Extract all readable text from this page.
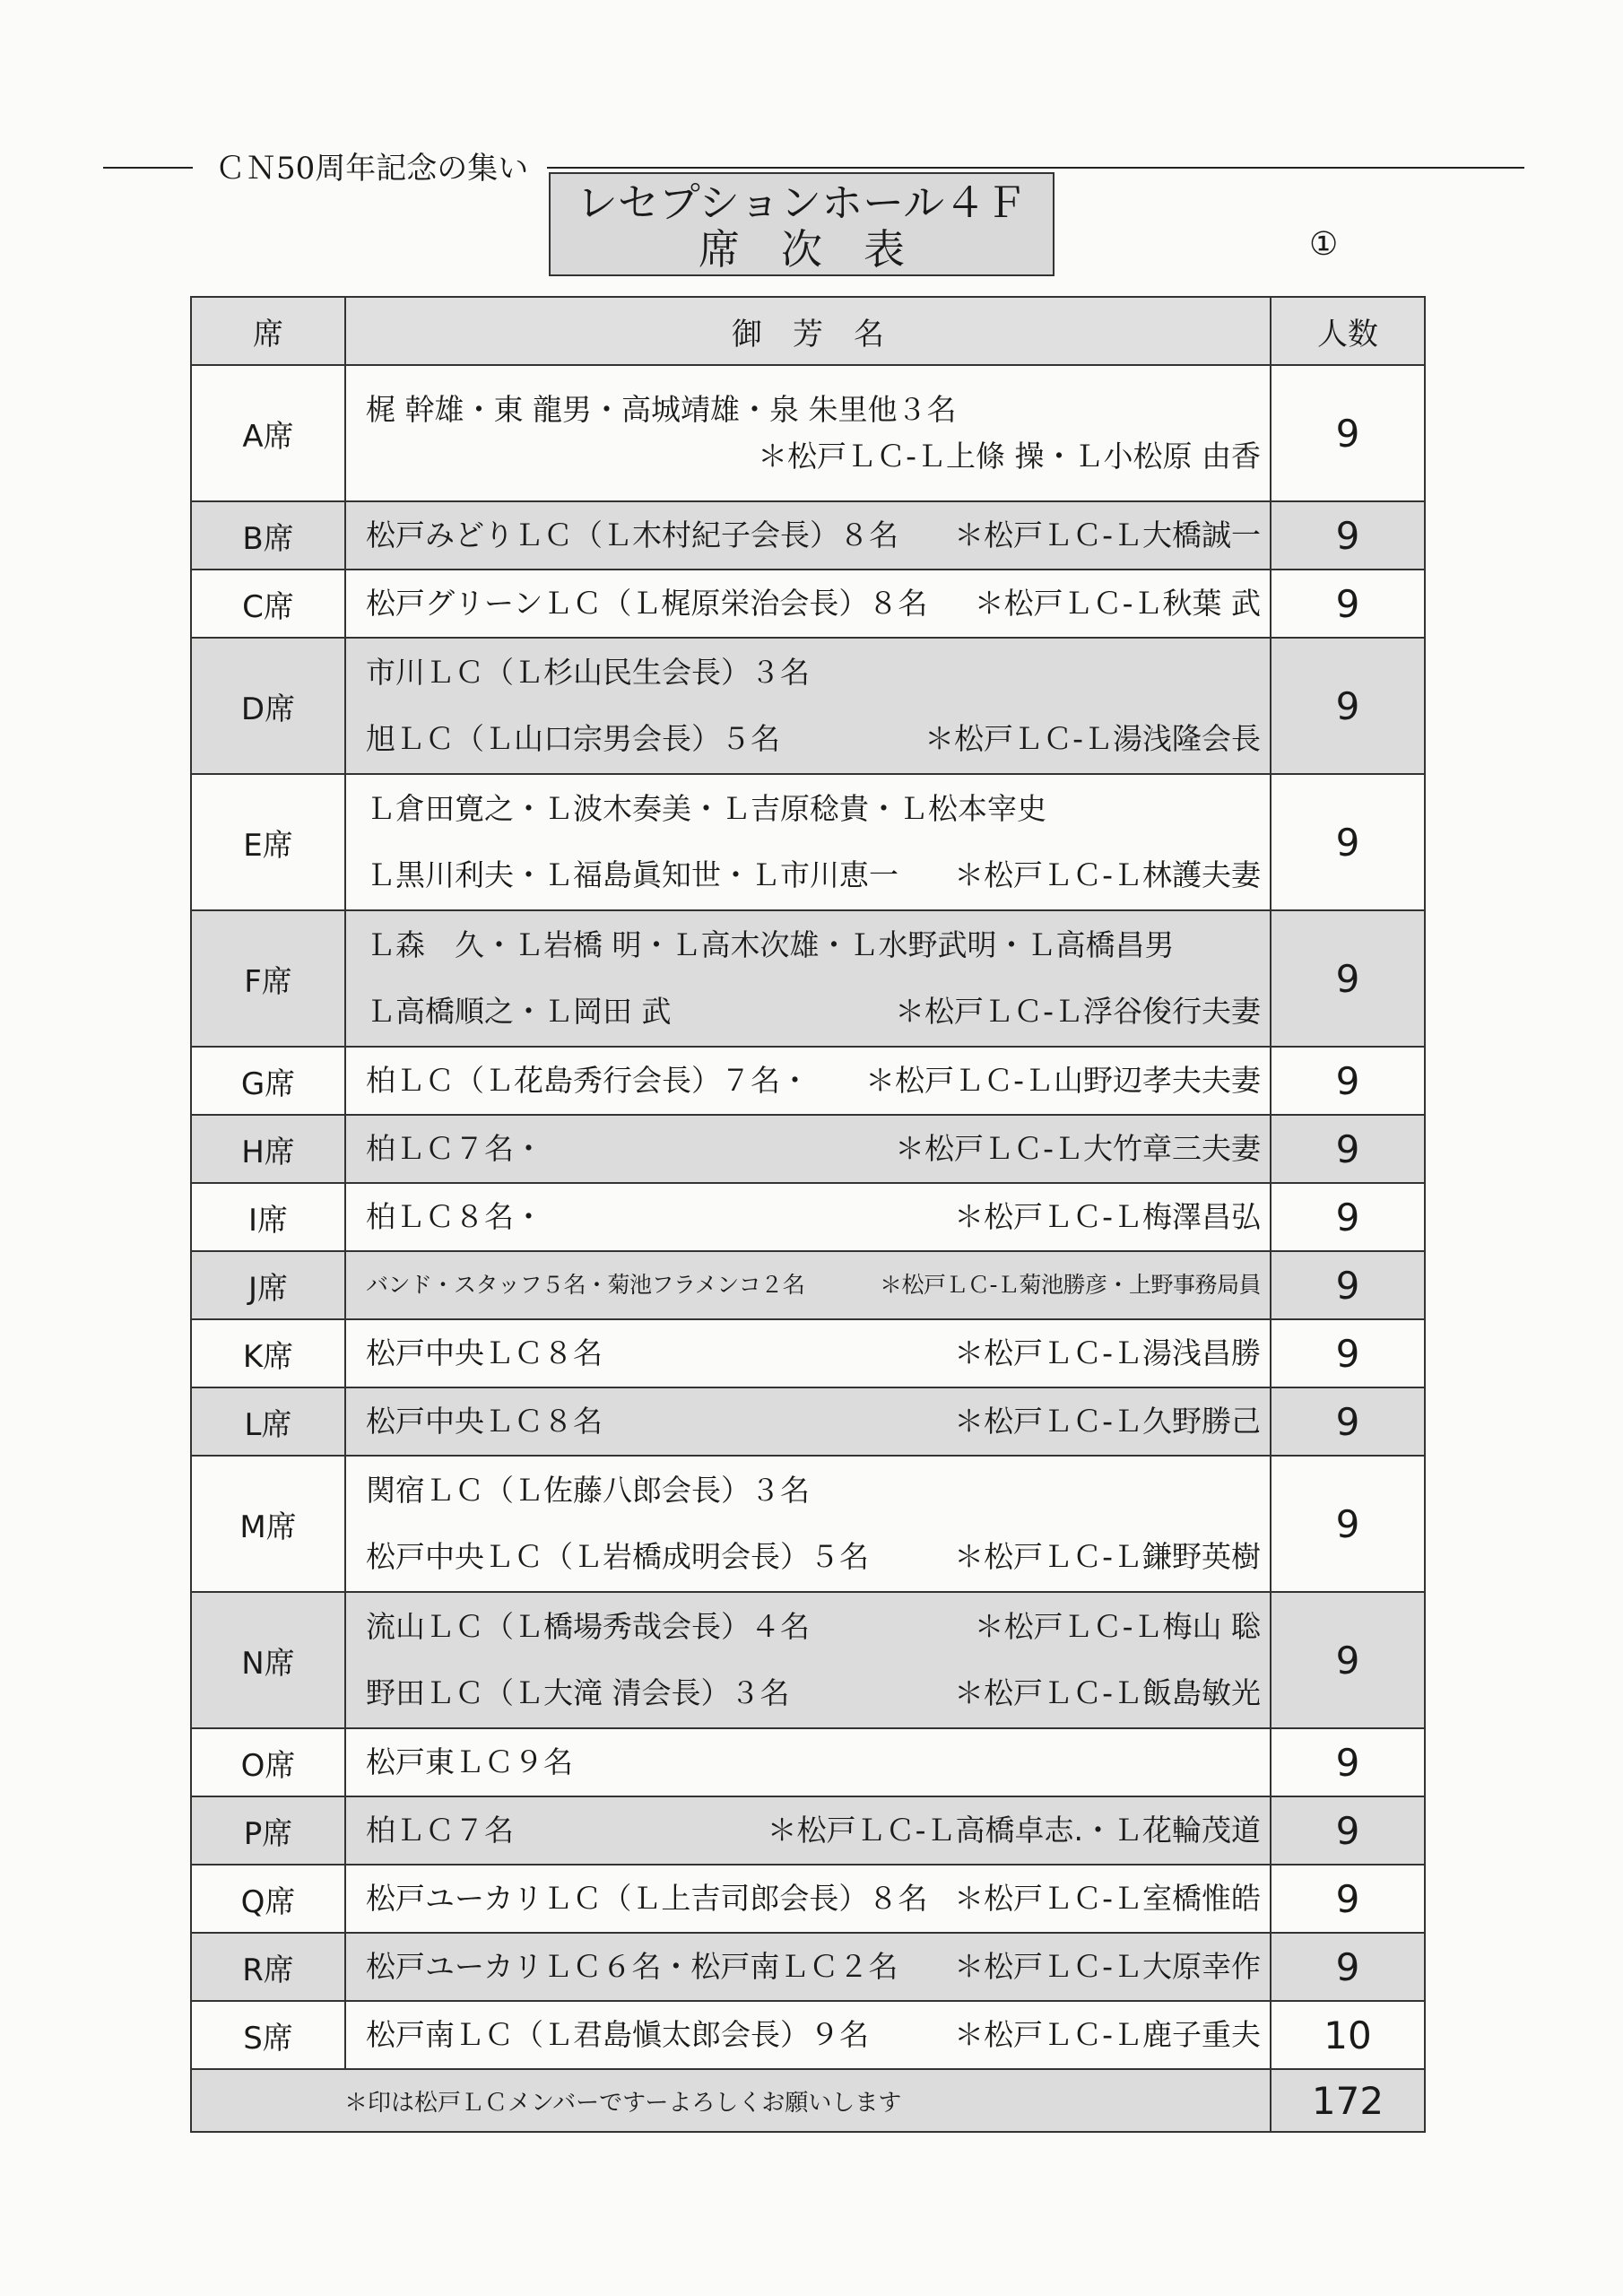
ＣＮ50周年記念の集い
レセプションホール４Ｆ
席　次　表	①
席	御　芳　名	人数
A席	梶 幹雄・東 龍男・高城靖雄・泉 朱里他３名
＊松戸ＬＣ-Ｌ上條 操・Ｌ小松原 由香	9
B席	松戸みどりＬＣ（Ｌ木村紀子会長）８名 ＊松戸ＬＣ-Ｌ大橋誠一	9
C席	松戸グリーンＬＣ（Ｌ梶原栄治会長）８名 ＊松戸ＬＣ-Ｌ秋葉 武	9
D席	市川ＬＣ（Ｌ杉山民生会長）３名
旭ＬＣ（Ｌ山口宗男会長）５名 ＊松戸ＬＣ-Ｌ湯浅隆会長	9
E席	Ｌ倉田寛之・Ｌ波木奏美・Ｌ吉原稔貴・Ｌ松本宰史
Ｌ黒川利夫・Ｌ福島眞知世・Ｌ市川恵一 ＊松戸ＬＣ-Ｌ林護夫妻	9
F席	Ｌ森　久・Ｌ岩橋 明・Ｌ高木次雄・Ｌ水野武明・Ｌ高橋昌男
Ｌ高橋順之・Ｌ岡田 武 ＊松戸ＬＣ-Ｌ浮谷俊行夫妻	9
G席	柏ＬＣ（Ｌ花島秀行会長）７名・ ＊松戸ＬＣ-Ｌ山野辺孝夫夫妻	9
H席	柏ＬＣ７名・ ＊松戸ＬＣ-Ｌ大竹章三夫妻	9
I席	柏ＬＣ８名・ ＊松戸ＬＣ-Ｌ梅澤昌弘	9
J席	バンド・スタッフ５名・菊池フラメンコ２名 ＊松戸ＬＣ-Ｌ菊池勝彦・上野事務局員	9
K席	松戸中央ＬＣ８名 ＊松戸ＬＣ-Ｌ湯浅昌勝	9
L席	松戸中央ＬＣ８名 ＊松戸ＬＣ-Ｌ久野勝己	9
M席	関宿ＬＣ（Ｌ佐藤八郎会長）３名
松戸中央ＬＣ（Ｌ岩橋成明会長）５名 ＊松戸ＬＣ-Ｌ鎌野英樹	9
N席	流山ＬＣ（Ｌ橋場秀哉会長）４名 ＊松戸ＬＣ-Ｌ梅山 聡
野田ＬＣ（Ｌ大滝 清会長）３名 ＊松戸ＬＣ-Ｌ飯島敏光	9
O席	松戸東ＬＣ９名	9
P席	柏ＬＣ７名 ＊松戸ＬＣ-Ｌ高橋卓志.・Ｌ花輪茂道	9
Q席	松戸ユーカリＬＣ（Ｌ上吉司郎会長）８名 ＊松戸ＬＣ-Ｌ室橋惟皓	9
R席	松戸ユーカリＬＣ６名・松戸南ＬＣ２名 ＊松戸ＬＣ-Ｌ大原幸作	9
S席	松戸南ＬＣ（Ｌ君島愼太郎会長）９名 ＊松戸ＬＣ-Ｌ鹿子重夫	10
＊印は松戸ＬＣメンバーですーよろしくお願いします		172
